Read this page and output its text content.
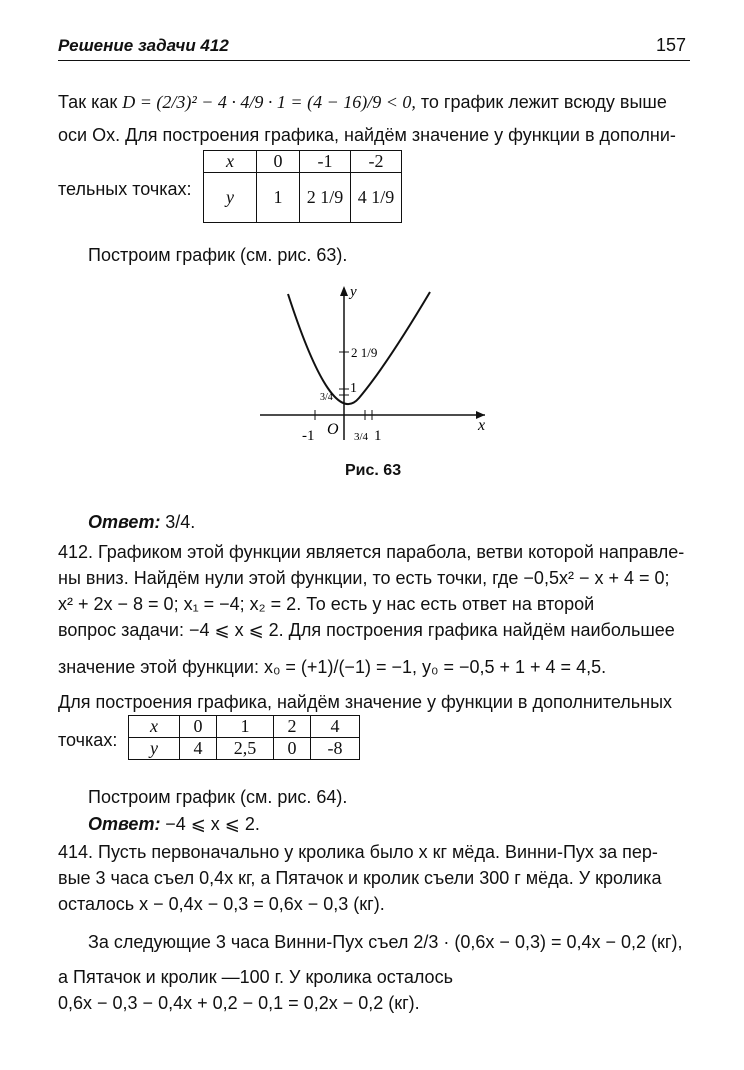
Решение задачи 412	157
Так как D = (2/3)² − 4 · 4/9 · 1 = (4 − 16)/9 < 0, то график лежит всюду выше
оси Ox. Для построения графика, найдём значение y функции в дополни-
тельных точках:
x	0	-1	-2
y	1	2 1/9	4 1/9
Построим график (см. рис. 63).
y
x
O
-1	3/4 1
2 1/9
1
3/4
Рис. 63
Ответ: 3/4.
412. Графиком этой функции является парабола, ветви которой направле-
ны вниз. Найдём нули этой функции, то есть точки, где −0,5x² − x + 4 = 0;
x² + 2x − 8 = 0; x₁ = −4; x₂ = 2. То есть у нас есть ответ на второй
вопрос задачи: −4 ⩽ x ⩽ 2. Для построения графика найдём наибольшее
значение этой функции: x₀ = (+1)/(−1) = −1, y₀ = −0,5 + 1 + 4 = 4,5.
Для построения графика, найдём значение y функции в дополнительных
точках:
x	0	1	2	4
y	4	2,5	0	-8
Построим график (см. рис. 64).
Ответ: −4 ⩽ x ⩽ 2.
414. Пусть первоначально у кролика было x кг мёда. Винни-Пух за пер-
вые 3 часа съел 0,4x кг, а Пятачок и кролик съели 300 г мёда. У кролика
осталось x − 0,4x − 0,3 = 0,6x − 0,3 (кг).
За следующие 3 часа Винни-Пух съел 2/3 · (0,6x − 0,3) = 0,4x − 0,2 (кг),
а Пятачок и кролик —100 г. У кролика осталось
0,6x − 0,3 − 0,4x + 0,2 − 0,1 = 0,2x − 0,2 (кг).
